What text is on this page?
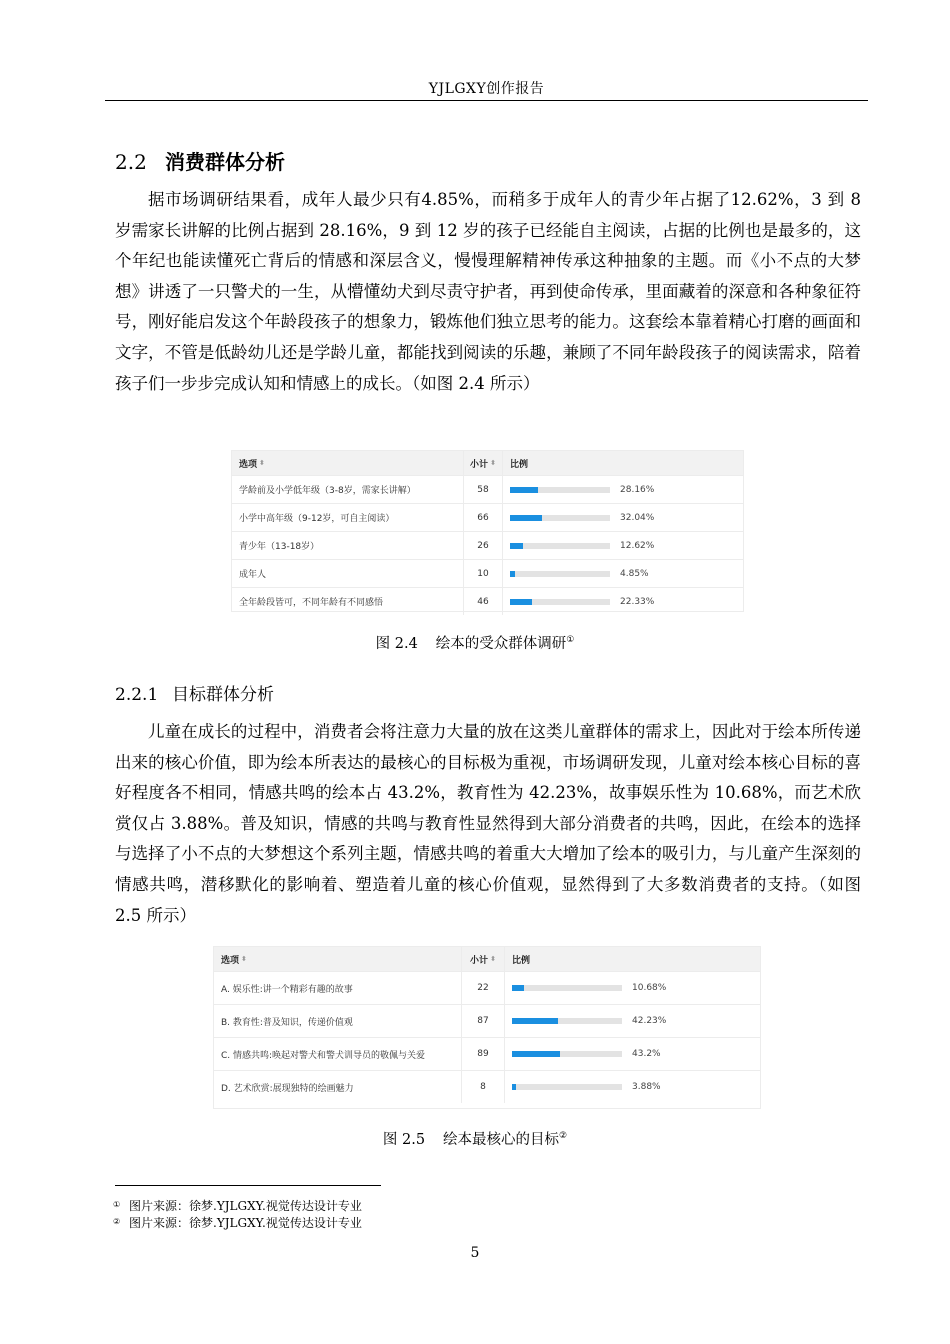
YJLGXY创作报告
2.2 消费群体分析

据市场调研结果看，成年人最少只有4.85%，而稍多于成年人的青少年占据了12.62%，3 到 8 岁需家长讲解的比例占据到 28.16%，9 到 12 岁的孩子已经能自主阅读，占据的比例也是最多的，这个年纪也能读懂死亡背后的情感和深层含义，慢慢理解精神传承这种抽象的主题。而《小不点的大梦想》讲透了一只警犬的一生，从懵懂幼犬到尽责守护者，再到使命传承，里面藏着的深意和各种象征符号，刚好能启发这个年龄段孩子的想象力，锻炼他们独立思考的能力。这套绘本靠着精心打磨的画面和文字，不管是低龄幼儿还是学龄儿童，都能找到阅读的乐趣，兼顾了不同年龄段孩子的阅读需求，陪着孩子们一步步完成认知和情感上的成长。（如图 2.4 所示）

选项 ⬍	小计 ⬍	比例
学龄前及小学低年级（3-8岁，需家长讲解）	58	28.16%
小学中高年级（9-12岁，可自主阅读）	66	32.04%
青少年（13-18岁）	26	12.62%
成年人	10	4.85%
全年龄段皆可，不同年龄有不同感悟	46	22.33%
图 2.4 绘本的受众群体调研①
2.2.1 目标群体分析

儿童在成长的过程中，消费者会将注意力大量的放在这类儿童群体的需求上，因此对于绘本所传递出来的核心价值，即为绘本所表达的最核心的目标极为重视，市场调研发现，儿童对绘本核心目标的喜好程度各不相同，情感共鸣的绘本占 43.2%，教育性为 42.23%，故事娱乐性为 10.68%，而艺术欣赏仅占 3.88%。普及知识，情感的共鸣与教育性显然得到大部分消费者的共鸣，因此，在绘本的选择与选择了小不点的大梦想这个系列主题，情感共鸣的着重大大增加了绘本的吸引力，与儿童产生深刻的情感共鸣，潜移默化的影响着、塑造着儿童的核心价值观，显然得到了大多数消费者的支持。（如图 2.5 所示）

选项 ⬍	小计 ⬍	比例
A. 娱乐性:讲一个精彩有趣的故事	22	10.68%
B. 教育性:普及知识，传递价值观	87	42.23%
C. 情感共鸣:唤起对警犬和警犬训导员的敬佩与关爱	89	43.2%
D. 艺术欣赏:展现独特的绘画魅力	8	3.88%
图 2.5 绘本最核心的目标②
① 图片来源：徐梦.YJLGXY.视觉传达设计专业
② 图片来源：徐梦.YJLGXY.视觉传达设计专业
5
